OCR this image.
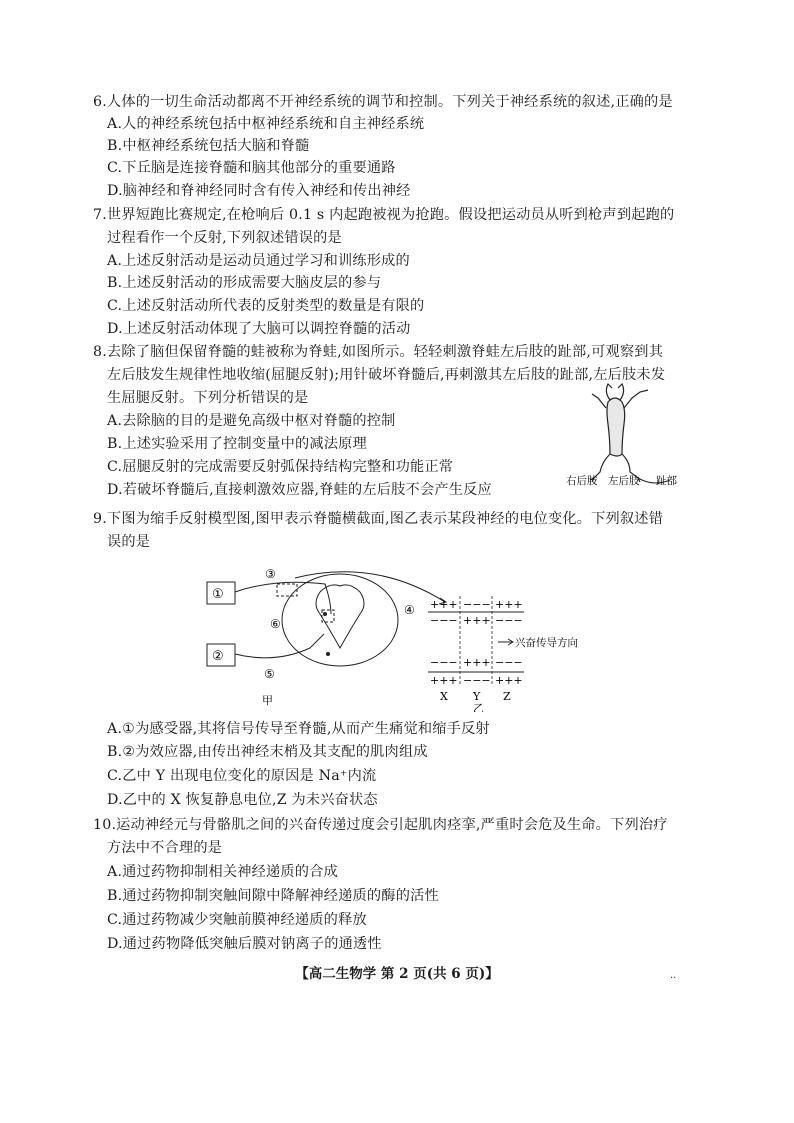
6.人体的一切生命活动都离不开神经系统的调节和控制。下列关于神经系统的叙述,正确的是
A.人的神经系统包括中枢神经系统和自主神经系统
B.中枢神经系统包括大脑和脊髓
C.下丘脑是连接脊髓和脑其他部分的重要通路
D.脑神经和脊神经同时含有传入神经和传出神经
7.世界短跑比赛规定,在枪响后 0.1 s 内起跑被视为抢跑。假设把运动员从听到枪声到起跑的
过程看作一个反射,下列叙述错误的是
A.上述反射活动是运动员通过学习和训练形成的
B.上述反射活动的形成需要大脑皮层的参与
C.上述反射活动所代表的反射类型的数量是有限的
D.上述反射活动体现了大脑可以调控脊髓的活动
8.去除了脑但保留脊髓的蛙被称为脊蛙,如图所示。轻轻刺激脊蛙左后肢的趾部,可观察到其
左后肢发生规律性地收缩(屈腿反射);用针破坏脊髓后,再刺激其左后肢的趾部,左后肢未发
生屈腿反射。下列分析错误的是
A.去除脑的目的是避免高级中枢对脊髓的控制
B.上述实验采用了控制变量中的减法原理
C.屈腿反射的完成需要反射弧保持结构完整和功能正常
D.若破坏脊髓后,直接刺激效应器,脊蛙的左后肢不会产生反应
右后肢 左后肢 趾部
9.下图为缩手反射模型图,图甲表示脊髓横截面,图乙表示某段神经的电位变化。下列叙述错
误的是
①
②
③
④
⑤
⑥
甲
+++ −−− +++
−−− +++ −−−
−−− +++ −−−
+++ −−− +++
兴奋传导方向
X Y Z
乙
A.①为感受器,其将信号传导至脊髓,从而产生痛觉和缩手反射
B.②为效应器,由传出神经末梢及其支配的肌肉组成
C.乙中 Y 出现电位变化的原因是 Na⁺内流
D.乙中的 X 恢复静息电位,Z 为未兴奋状态
10.运动神经元与骨骼肌之间的兴奋传递过度会引起肌肉痉挛,严重时会危及生命。下列治疗
方法中不合理的是
A.通过药物抑制相关神经递质的合成
B.通过药物抑制突触间隙中降解神经递质的酶的活性
C.通过药物减少突触前膜神经递质的释放
D.通过药物降低突触后膜对钠离子的通透性
【高二生物学 第 2 页(共 6 页)】	..
